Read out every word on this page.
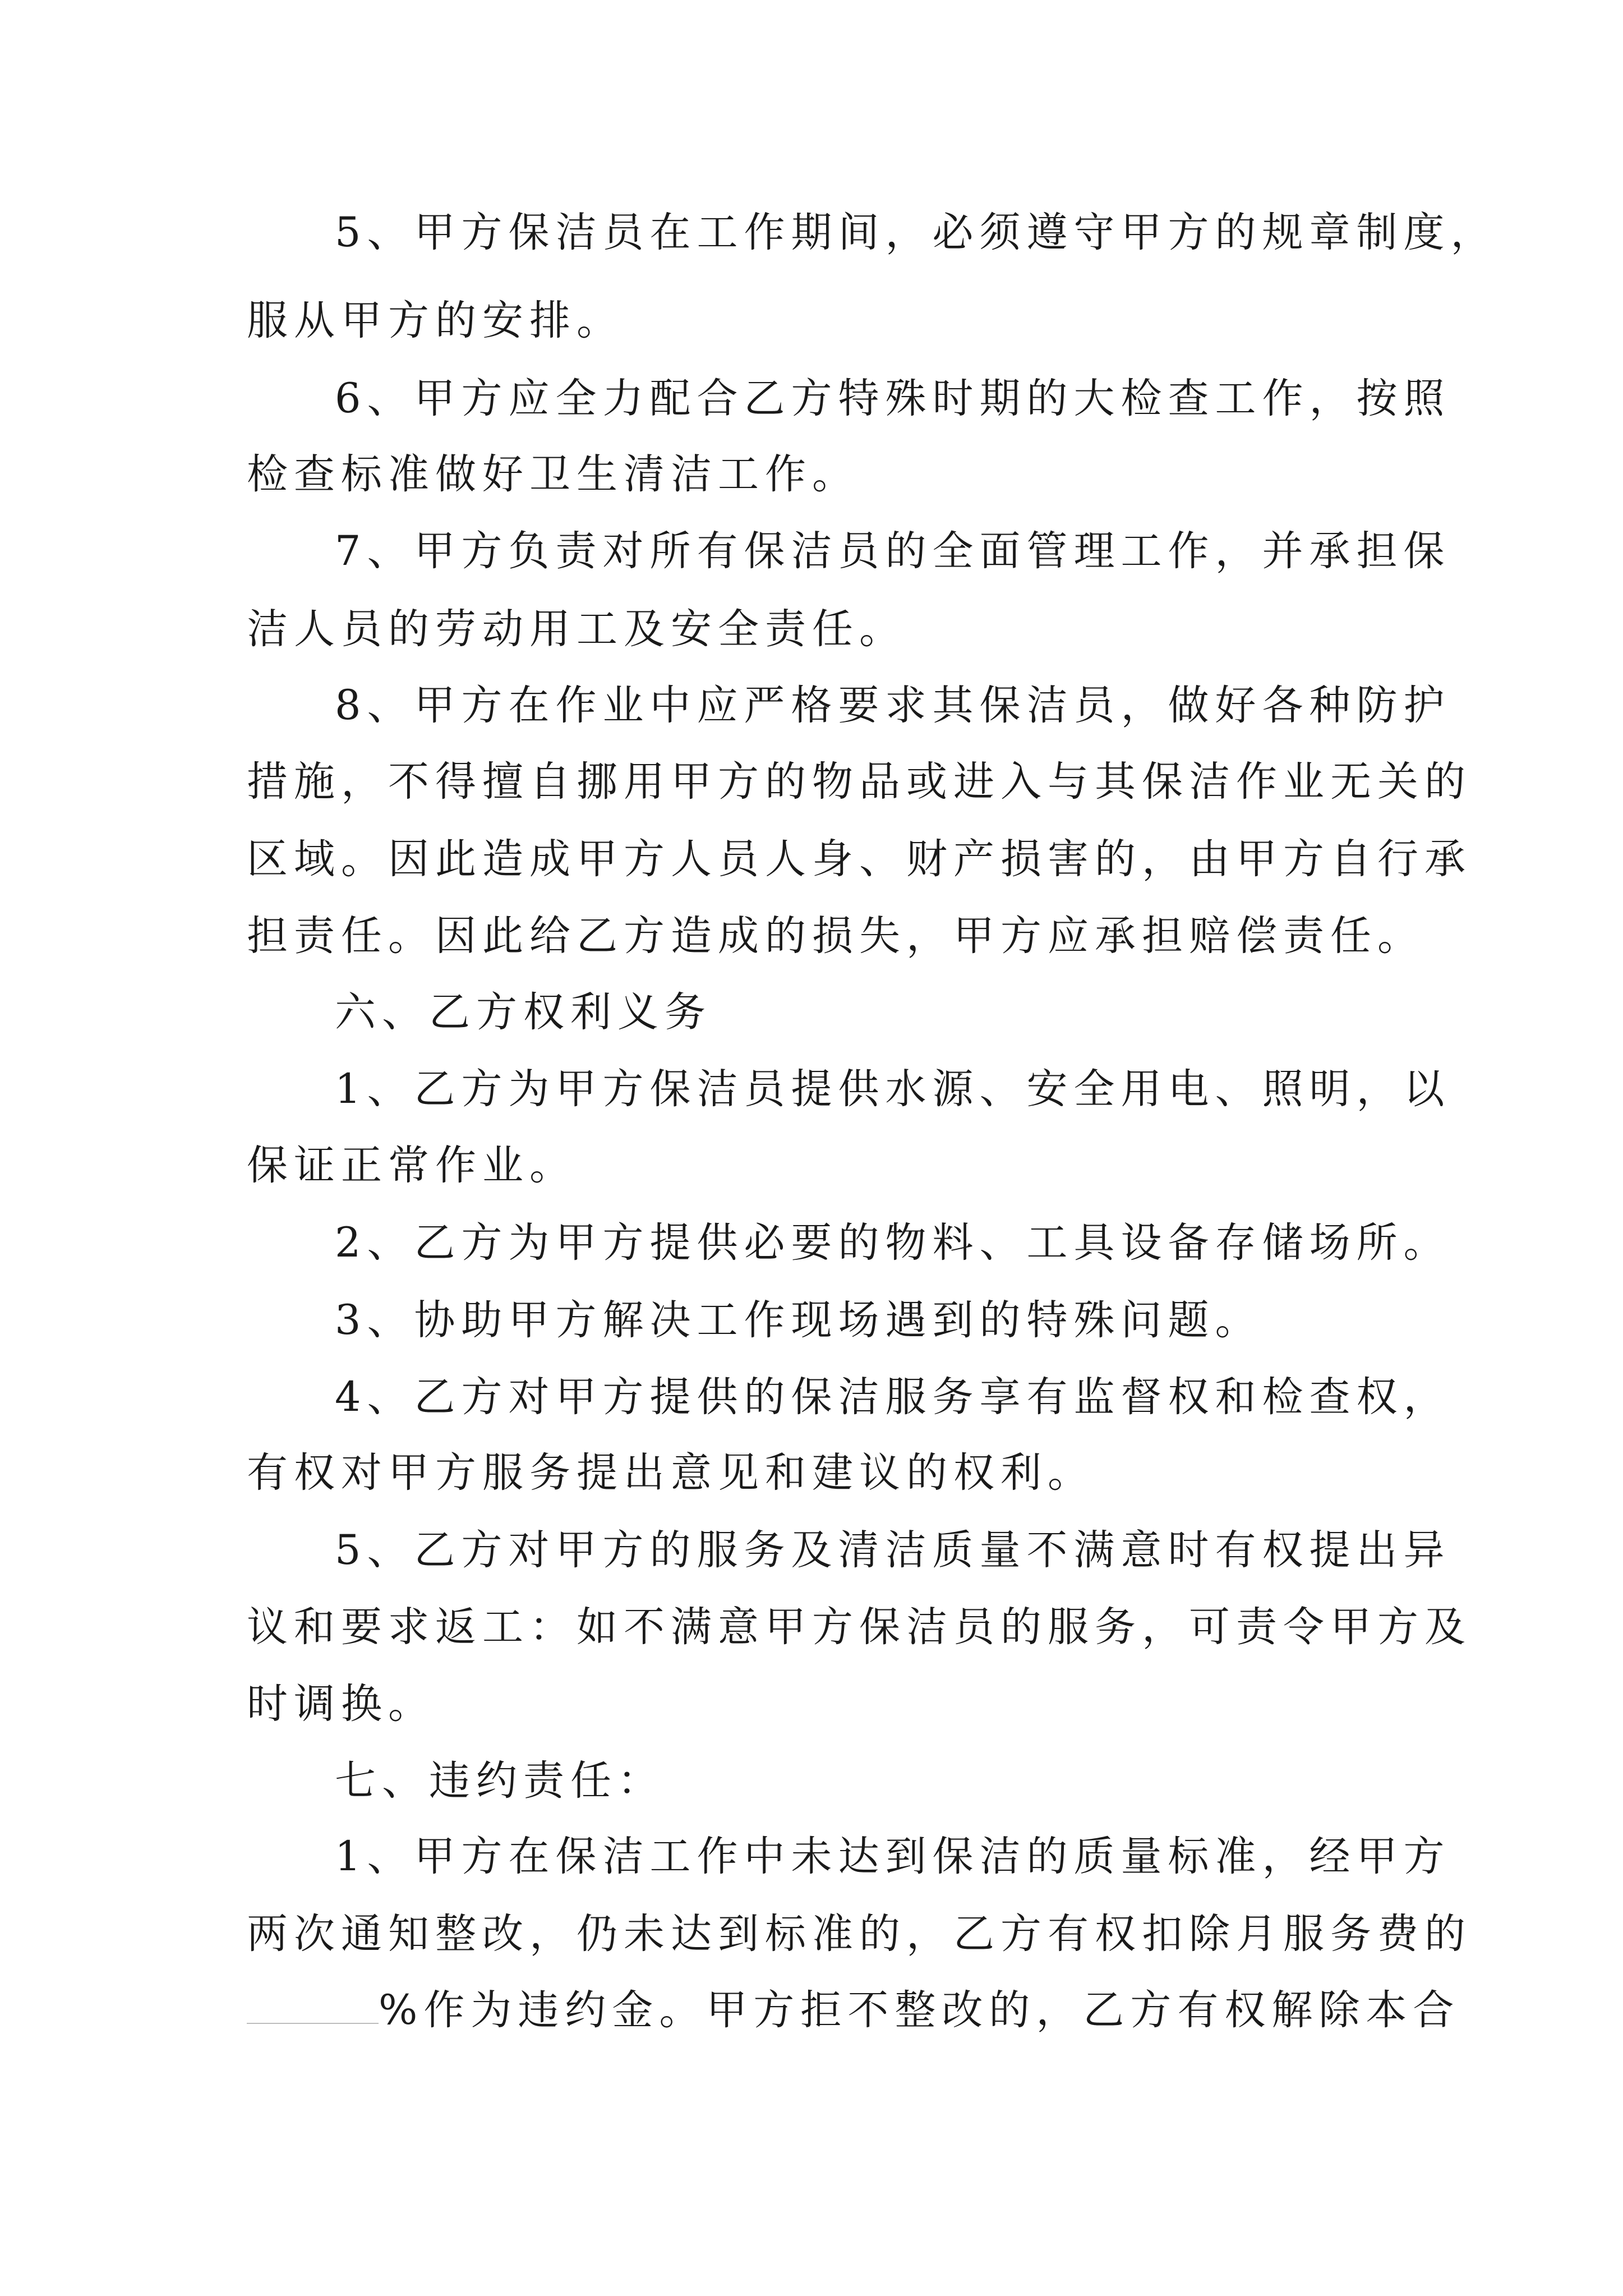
5、甲方保洁员在工作期间，必须遵守甲方的规章制度，
服从甲方的安排。
6、甲方应全力配合乙方特殊时期的大检查工作，按照
检查标准做好卫生清洁工作。
7、甲方负责对所有保洁员的全面管理工作，并承担保
洁人员的劳动用工及安全责任。
8、甲方在作业中应严格要求其保洁员，做好各种防护
措施，不得擅自挪用甲方的物品或进入与其保洁作业无关的
区域。因此造成甲方人员人身、财产损害的，由甲方自行承
担责任。因此给乙方造成的损失，甲方应承担赔偿责任。
六、乙方权利义务
1、乙方为甲方保洁员提供水源、安全用电、照明，以
保证正常作业。
2、乙方为甲方提供必要的物料、工具设备存储场所。
3、协助甲方解决工作现场遇到的特殊问题。
4、乙方对甲方提供的保洁服务享有监督权和检查权，
有权对甲方服务提出意见和建议的权利。
5、乙方对甲方的服务及清洁质量不满意时有权提出异
议和要求返工：如不满意甲方保洁员的服务，可责令甲方及
时调换。
七、违约责任：
1、甲方在保洁工作中未达到保洁的质量标准，经甲方
两次通知整改，仍未达到标准的，乙方有权扣除月服务费的
%作为违约金。甲方拒不整改的，乙方有权解除本合
